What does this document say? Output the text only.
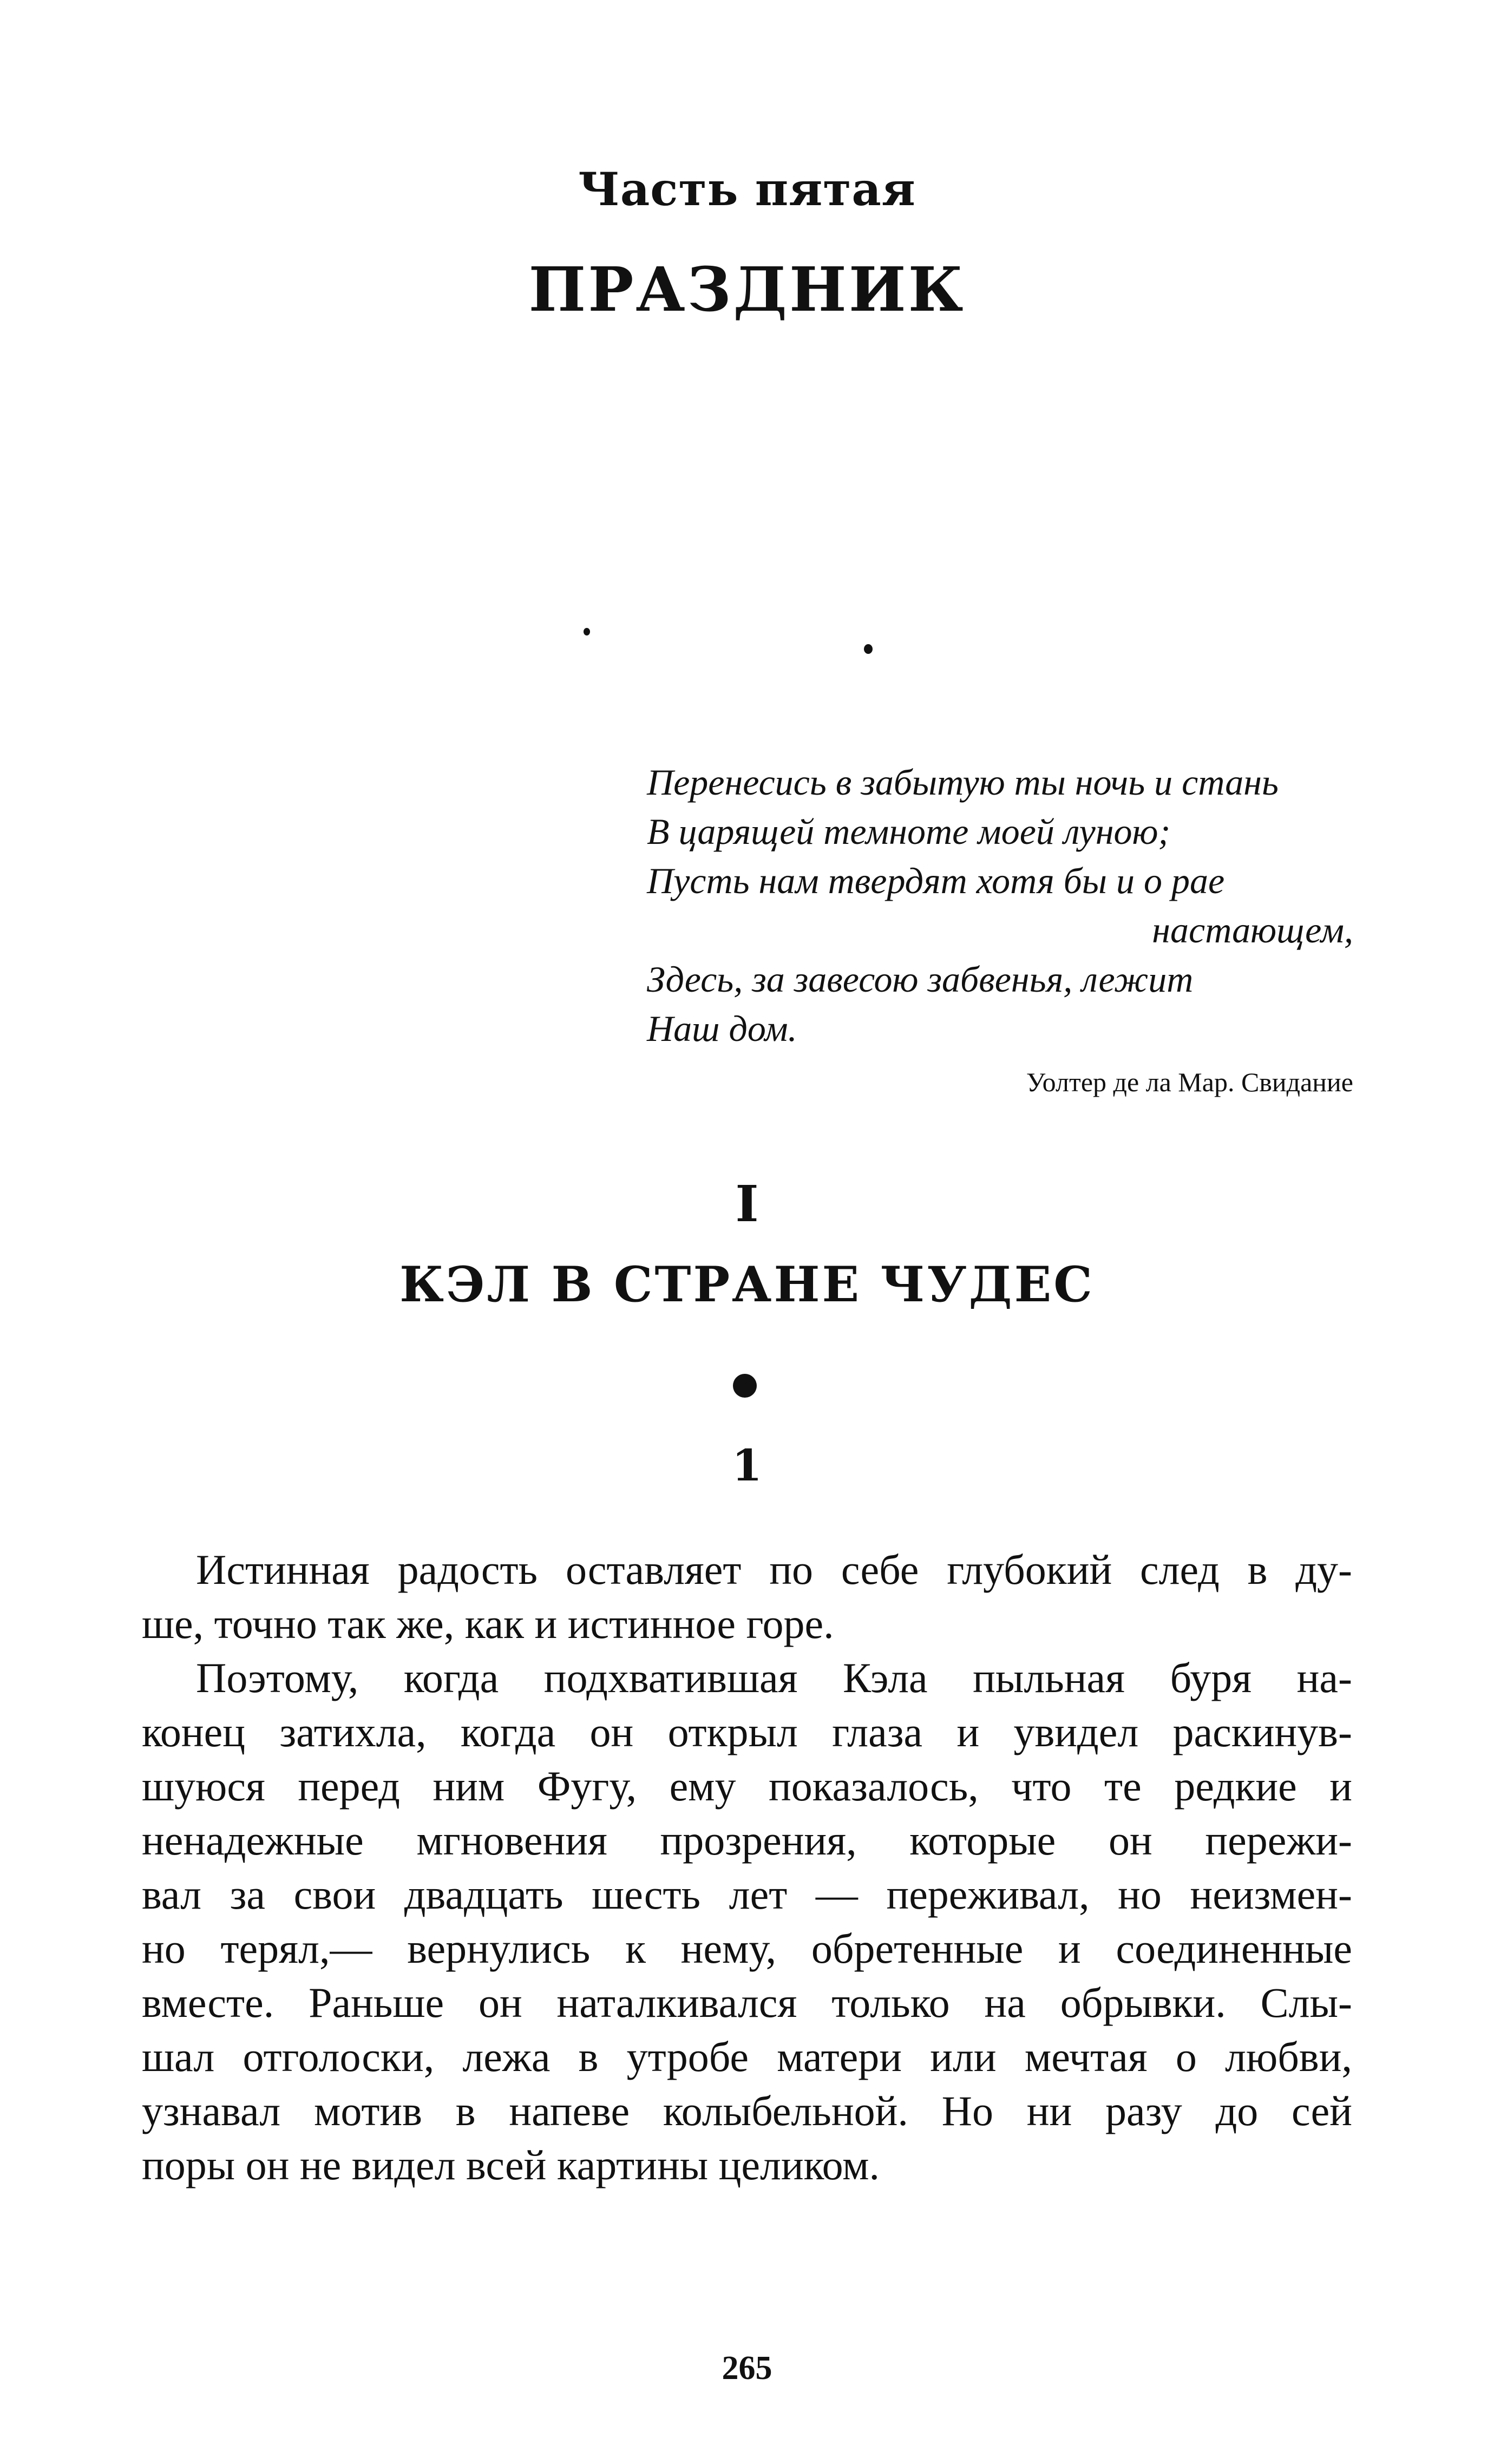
Часть пятая
ПРАЗДНИК
Перенесись в забытую ты ночь и стань
В царящей темноте моей луною;
Пусть нам твердят хотя бы и о рае
настающем,
Здесь, за завесою забвенья, лежит
Наш дом.
Уолтер де ла Мар. Свидание
I
КЭЛ В СТРАНЕ ЧУДЕС
1
Истинная радость оставляет по себе глубокий след в ду-
ше, точно так же, как и истинное горе.
Поэтому, когда подхватившая Кэла пыльная буря на-
конец затихла, когда он открыл глаза и увидел раскинув-
шуюся перед ним Фугу, ему показалось, что те редкие и
ненадежные мгновения прозрения, которые он пережи-
вал за свои двадцать шесть лет — переживал, но неизмен-
но терял,— вернулись к нему, обретенные и соединенные
вместе. Раньше он наталкивался только на обрывки. Слы-
шал отголоски, лежа в утробе матери или мечтая о любви,
узнавал мотив в напеве колыбельной. Но ни разу до сей
поры он не видел всей картины целиком.
265
